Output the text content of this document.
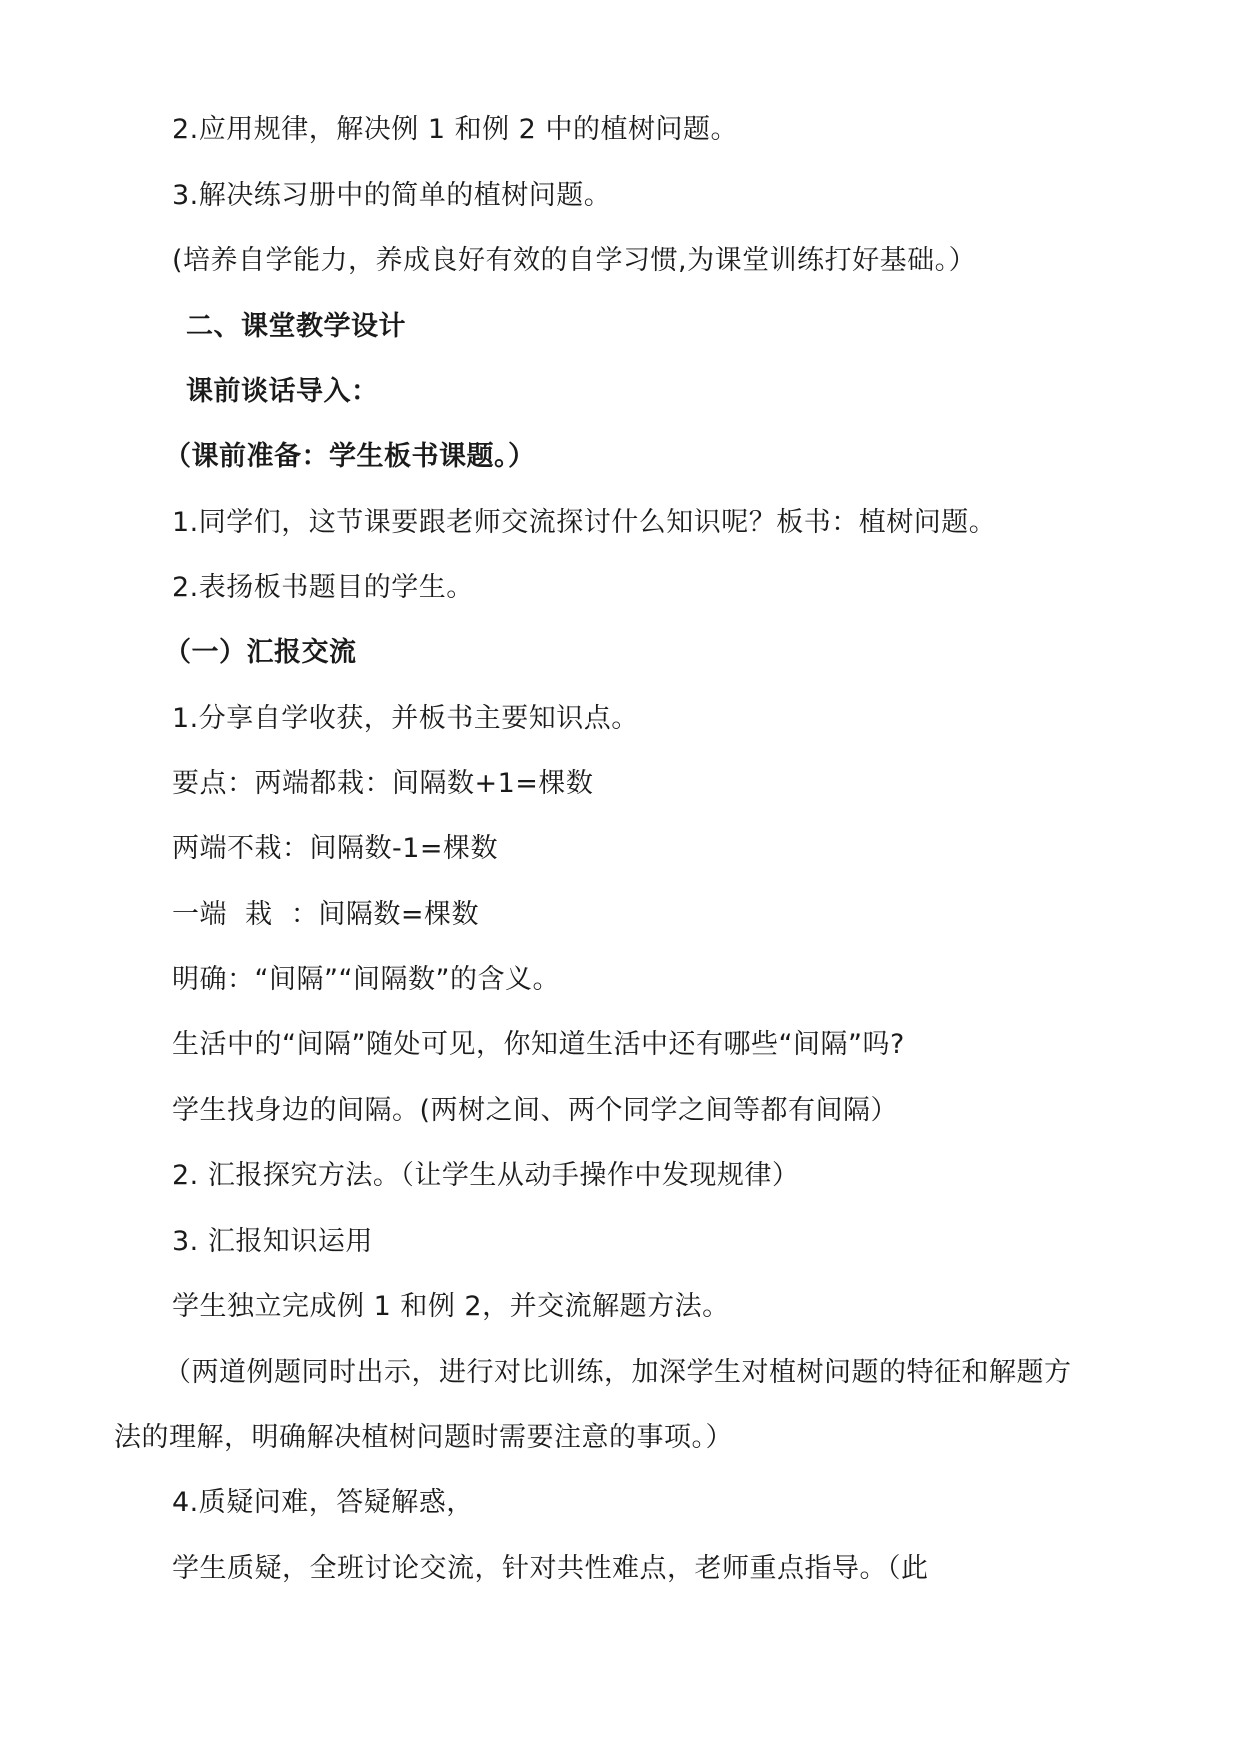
2.应用规律，解决例 1 和例 2 中的植树问题。
3.解决练习册中的简单的植树问题。
(培养自学能力，养成良好有效的自学习惯,为课堂训练打好基础。）
二、课堂教学设计
课前谈话导入：
（课前准备：学生板书课题。）
1.同学们，这节课要跟老师交流探讨什么知识呢？板书：植树问题。
2.表扬板书题目的学生。
（一）汇报交流
1.分享自学收获，并板书主要知识点。
要点：两端都栽：间隔数+1=棵数
两端不栽：间隔数-1=棵数
一端  栽  ：间隔数=棵数
明确：“间隔”“间隔数”的含义。
生活中的“间隔”随处可见，你知道生活中还有哪些“间隔”吗?
学生找身边的间隔。(两树之间、两个同学之间等都有间隔）
2. 汇报探究方法。（让学生从动手操作中发现规律）
3. 汇报知识运用
学生独立完成例 1 和例 2，并交流解题方法。
（两道例题同时出示，进行对比训练，加深学生对植树问题的特征和解题方
法的理解，明确解决植树问题时需要注意的事项。）
4.质疑问难，答疑解惑，
学生质疑，全班讨论交流，针对共性难点，老师重点指导。（此
